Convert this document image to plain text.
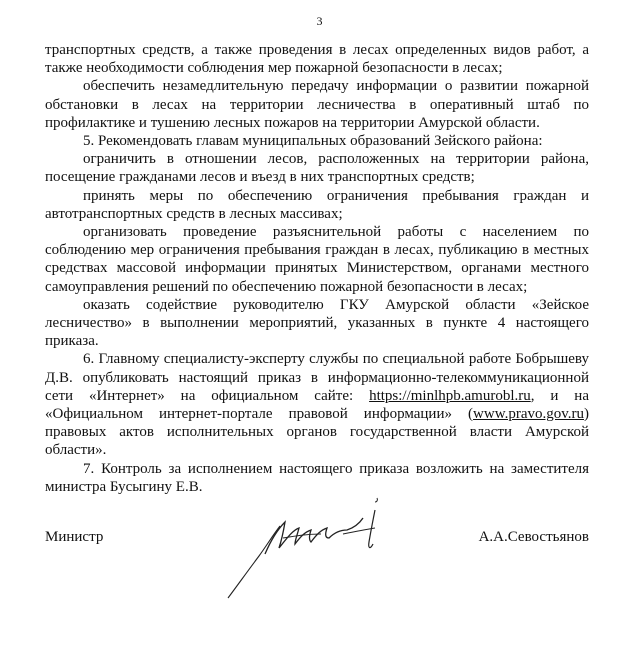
3

транспортных средств, а также проведения в лесах определенных видов работ, а также необходимости соблюдения мер пожарной безопасности в лесах;

обеспечить незамедлительную передачу информации о развитии пожарной обстановки в лесах на территории лесничества в оперативный штаб по профилактике и тушению лесных пожаров на территории Амурской области.

5. Рекомендовать главам муниципальных образований Зейского района:

ограничить в отношении лесов, расположенных на территории района, посещение гражданами лесов и въезд в них транспортных средств;

принять меры по обеспечению ограничения пребывания граждан и автотранспортных средств в лесных массивах;

организовать проведение разъяснительной работы с населением по соблюдению мер ограничения пребывания граждан в лесах, публикацию в местных средствах массовой информации принятых Министерством, органами местного самоуправления решений по обеспечению пожарной безопасности в лесах;

оказать содействие руководителю ГКУ Амурской области «Зейское лесничество» в выполнении мероприятий, указанных в пункте 4 настоящего приказа.

6. Главному специалисту-эксперту службы по специальной работе Бобрышеву Д.В. опубликовать настоящий приказ в информационно-телекоммуникационной сети «Интернет» на официальном сайте: https://minlhpb.amurobl.ru, и на «Официальном интернет-портале правовой информации» (www.pravo.gov.ru) правовых актов исполнительных органов государственной власти Амурской области».

7. Контроль за исполнением настоящего приказа возложить на заместителя министра Бусыгину Е.В.

Министр	А.А.Севостьянов
